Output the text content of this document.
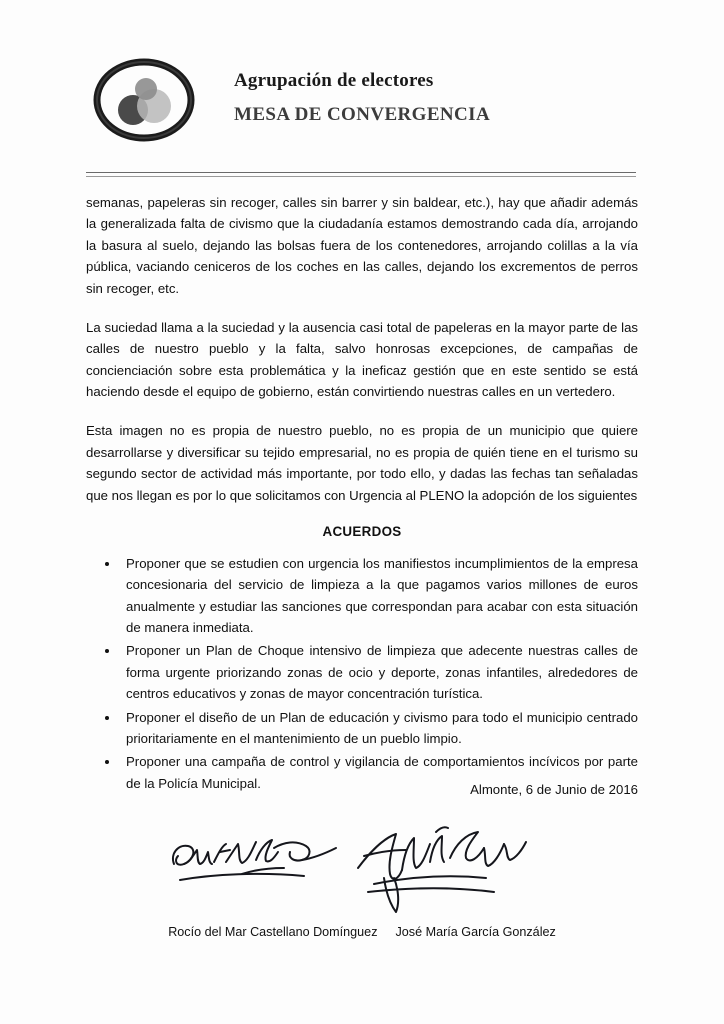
Agrupación de electores
MESA DE CONVERGENCIA

semanas, papeleras sin recoger, calles sin barrer y sin baldear, etc.), hay que añadir además la generalizada falta de civismo que la ciudadanía estamos demostrando cada día, arrojando la basura al suelo, dejando las bolsas fuera de los contenedores, arrojando colillas a la vía pública, vaciando ceniceros de los coches en las calles, dejando los excrementos de perros sin recoger, etc.

La suciedad llama a la suciedad y la ausencia casi total de papeleras en la mayor parte de las calles de nuestro pueblo y la falta, salvo honrosas excepciones, de campañas de concienciación sobre esta problemática y la ineficaz gestión que en este sentido se está haciendo desde el equipo de gobierno, están convirtiendo nuestras calles en un vertedero.

Esta imagen no es propia de nuestro pueblo, no es propia de un municipio que quiere desarrollarse y diversificar su tejido empresarial, no es propia de quién tiene en el turismo su segundo sector de actividad más importante, por todo ello, y dadas las fechas tan señaladas que nos llegan es por lo que solicitamos con Urgencia al PLENO la adopción de los siguientes

ACUERDOS
• Proponer que se estudien con urgencia los manifiestos incumplimientos de la empresa concesionaria del servicio de limpieza a la que pagamos varios millones de euros anualmente y estudiar las sanciones que correspondan para acabar con esta situación de manera inmediata.
• Proponer un Plan de Choque intensivo de limpieza que adecente nuestras calles de forma urgente priorizando zonas de ocio y deporte, zonas infantiles, alrededores de centros educativos y zonas de mayor concentración turística.
• Proponer el diseño de un Plan de educación y civismo para todo el municipio centrado prioritariamente en el mantenimiento de un pueblo limpio.
• Proponer una campaña de control y vigilancia de comportamientos incívicos por parte de la Policía Municipal.	Almonte, 6 de Junio de 2016
Rocío del Mar Castellano Domínguez José María García González
